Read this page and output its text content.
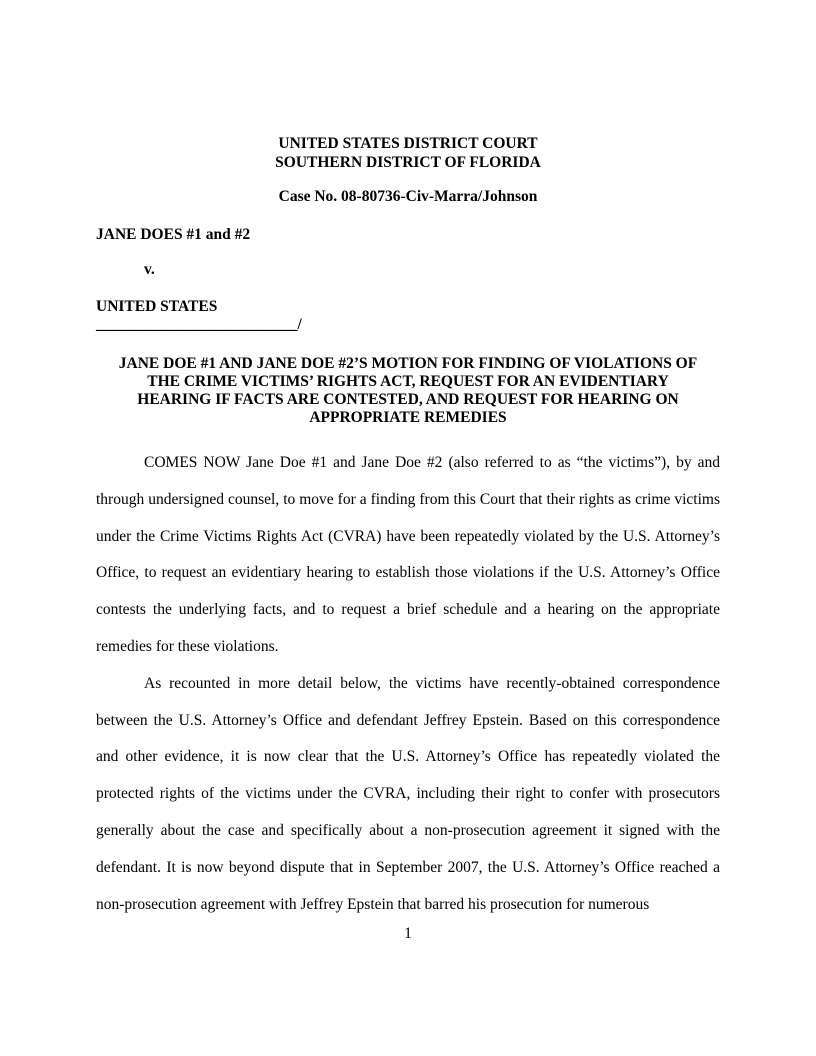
UNITED STATES DISTRICT COURT
SOUTHERN DISTRICT OF FLORIDA
Case No. 08-80736-Civ-Marra/Johnson
JANE DOES #1 and #2
v.
UNITED STATES
__________________________/
JANE DOE #1 AND JANE DOE #2’S MOTION FOR FINDING OF VIOLATIONS OF
THE CRIME VICTIMS’ RIGHTS ACT, REQUEST FOR AN EVIDENTIARY
HEARING IF FACTS ARE CONTESTED, AND REQUEST FOR HEARING ON
APPROPRIATE REMEDIES

COMES NOW Jane Doe #1 and Jane Doe #2 (also referred to as “the victims”), by and through undersigned counsel, to move for a finding from this Court that their rights as crime victims under the Crime Victims Rights Act (CVRA) have been repeatedly violated by the U.S. Attorney’s Office, to request an evidentiary hearing to establish those violations if the U.S. Attorney’s Office contests the underlying facts, and to request a brief schedule and a hearing on the appropriate remedies for these violations.

As recounted in more detail below, the victims have recently-obtained correspondence between the U.S. Attorney’s Office and defendant Jeffrey Epstein. Based on this correspondence and other evidence, it is now clear that the U.S. Attorney’s Office has repeatedly violated the protected rights of the victims under the CVRA, including their right to confer with prosecutors generally about the case and specifically about a non-prosecution agreement it signed with the defendant. It is now beyond dispute that in September 2007, the U.S. Attorney’s Office reached a non-prosecution agreement with Jeffrey Epstein that barred his prosecution for numerous

1
